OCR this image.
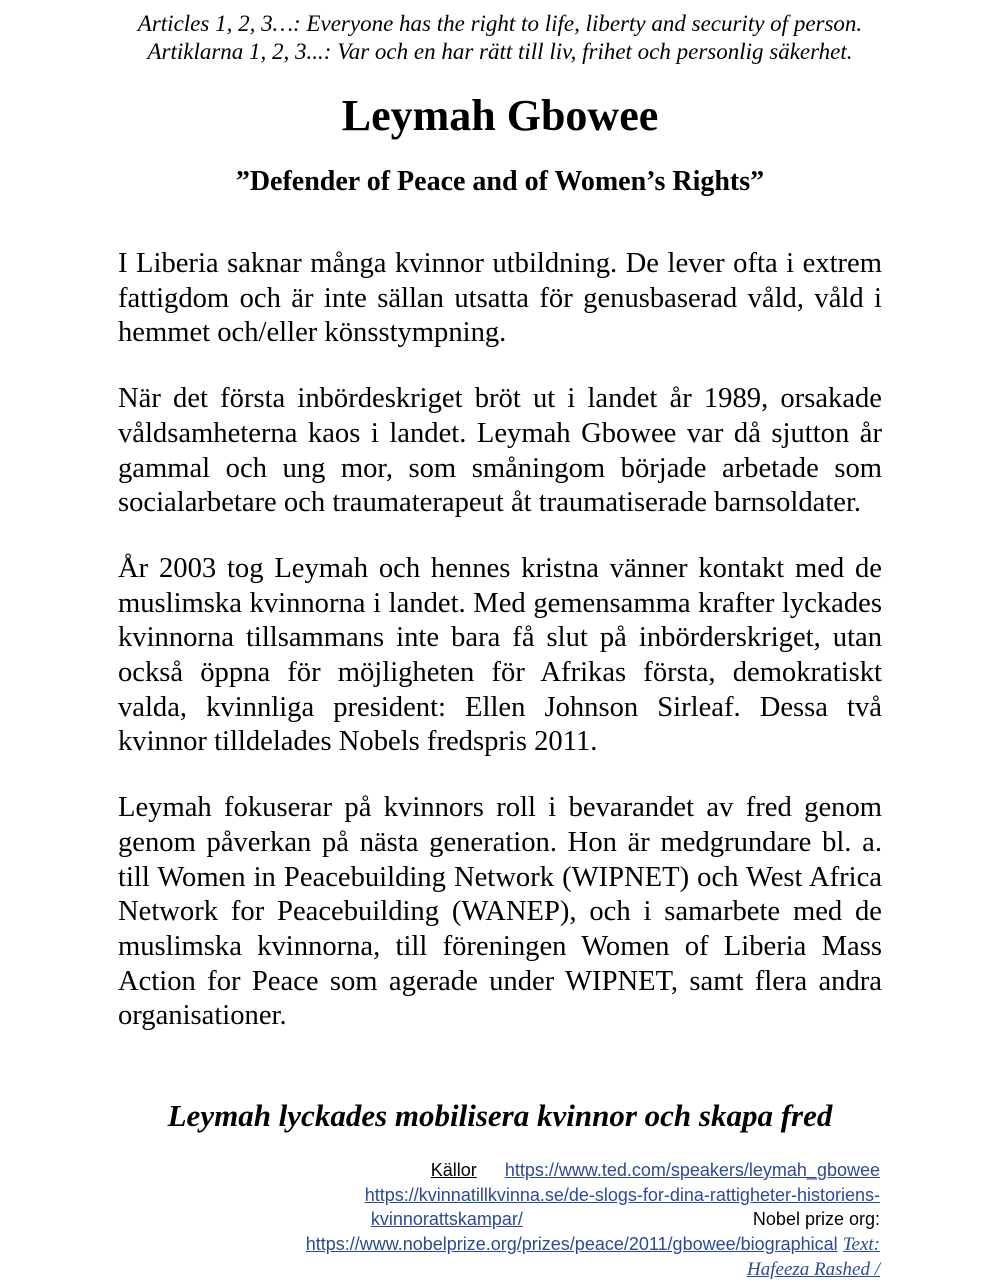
Articles 1, 2, 3…: Everyone has the right to life, liberty and security of person.
Artiklarna 1, 2, 3...: Var och en har rätt till liv, frihet och personlig säkerhet.
Leymah Gbowee
”Defender of Peace and of Women’s Rights”

I Liberia saknar många kvinnor utbildning. De lever ofta i extrem fattigdom och är inte sällan utsatta för genusbaserad våld, våld i hemmet och/eller könsstympning.

När det första inbördeskriget bröt ut i landet år 1989, orsakade våldsamheterna kaos i landet. Leymah Gbowee var då sjutton år gammal och ung mor, som småningom började arbetade som socialarbetare och traumaterapeut åt traumatiserade barnsoldater.

År 2003 tog Leymah och hennes kristna vänner kontakt med de muslimska kvinnorna i landet. Med gemensamma krafter lyckades kvinnorna tillsammans inte bara få slut på inbörderskriget, utan också öppna för möjligheten för Afrikas första, demokratiskt valda, kvinnliga president: Ellen Johnson Sirleaf. Dessa två kvinnor tilldelades Nobels fredspris 2011.

Leymah fokuserar på kvinnors roll i bevarandet av fred genom genom påverkan på nästa generation. Hon är medgrundare bl. a. till Women in Peacebuilding Network (WIPNET) och West Africa Network for Peacebuilding (WANEP), och i samarbete med de muslimska kvinnorna, till föreningen Women of Liberia Mass Action for Peace som agerade under WIPNET, samt flera andra organisationer.

Leymah lyckades mobilisera kvinnor och skapa fred
Källor https://www.ted.com/speakers/leymah_gbowee
https://kvinnatillkvinna.se/de-slogs-for-dina-rattigheter-historiens-
kvinnorattskampar/	Nobel prize org:
https://www.nobelprize.org/prizes/peace/2011/gbowee/biographical Text:
Hafeeza Rashed /
